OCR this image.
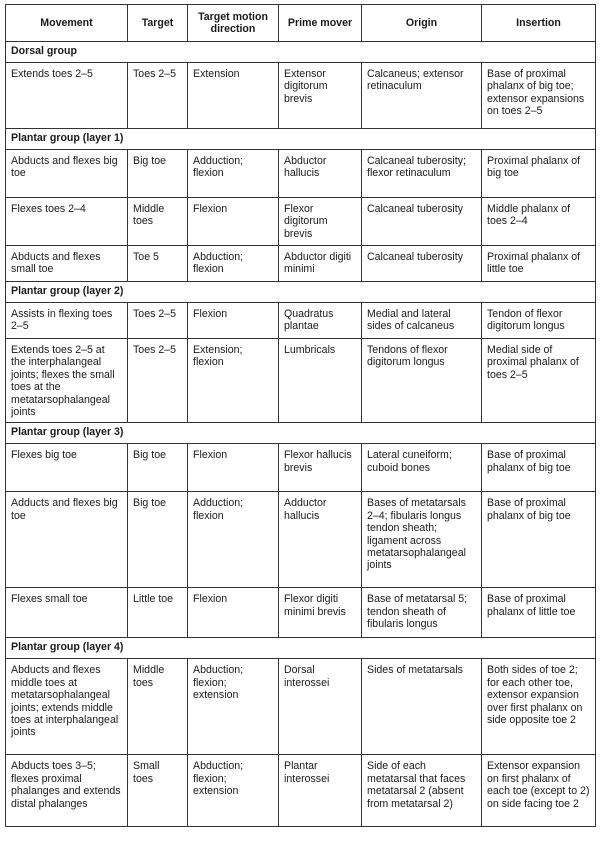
Movement	Target	Target motion direction	Prime mover	Origin	Insertion
Dorsal group					
Extends toes 2–5	Toes 2–5	Extension	Extensor digitorum brevis	Calcaneus; extensor retinaculum	Base of proximal phalanx of big toe; extensor expansions on toes 2–5
Plantar group (layer 1)					
Abducts and flexes big toe	Big toe	Adduction; flexion	Abductor hallucis	Calcaneal tuberosity; flexor retinaculum	Proximal phalanx of big toe
Flexes toes 2–4	Middle toes	Flexion	Flexor digitorum brevis	Calcaneal tuberosity	Middle phalanx of toes 2–4
Abducts and flexes small toe	Toe 5	Abduction; flexion	Abductor digiti minimi	Calcaneal tuberosity	Proximal phalanx of little toe
Plantar group (layer 2)					
Assists in flexing toes 2–5	Toes 2–5	Flexion	Quadratus plantae	Medial and lateral sides of calcaneus	Tendon of flexor digitorum longus
Extends toes 2–5 at the interphalangeal joints; flexes the small toes at the metatarsophalangeal joints	Toes 2–5	Extension; flexion	Lumbricals	Tendons of flexor digitorum longus	Medial side of proximal phalanx of toes 2–5
Plantar group (layer 3)					
Flexes big toe	Big toe	Flexion	Flexor hallucis brevis	Lateral cuneiform; cuboid bones	Base of proximal phalanx of big toe
Adducts and flexes big toe	Big toe	Adduction; flexion	Adductor hallucis	Bases of metatarsals 2–4; fibularis longus tendon sheath; ligament across metatarsophalangeal joints	Base of proximal phalanx of big toe
Flexes small toe	Little toe	Flexion	Flexor digiti minimi brevis	Base of metatarsal 5; tendon sheath of fibularis longus	Base of proximal phalanx of little toe
Plantar group (layer 4)					
Abducts and flexes middle toes at metatarsophalangeal joints; extends middle toes at interphalangeal joints	Middle toes	Abduction; flexion; extension	Dorsal interossei	Sides of metatarsals	Both sides of toe 2; for each other toe, extensor expansion over first phalanx on side opposite toe 2
Abducts toes 3–5; flexes proximal phalanges and extends distal phalanges	Small toes	Abduction; flexion; extension	Plantar interossei	Side of each metatarsal that faces metatarsal 2 (absent from metatarsal 2)	Extensor expansion on first phalanx of each toe (except to 2) on side facing toe 2
